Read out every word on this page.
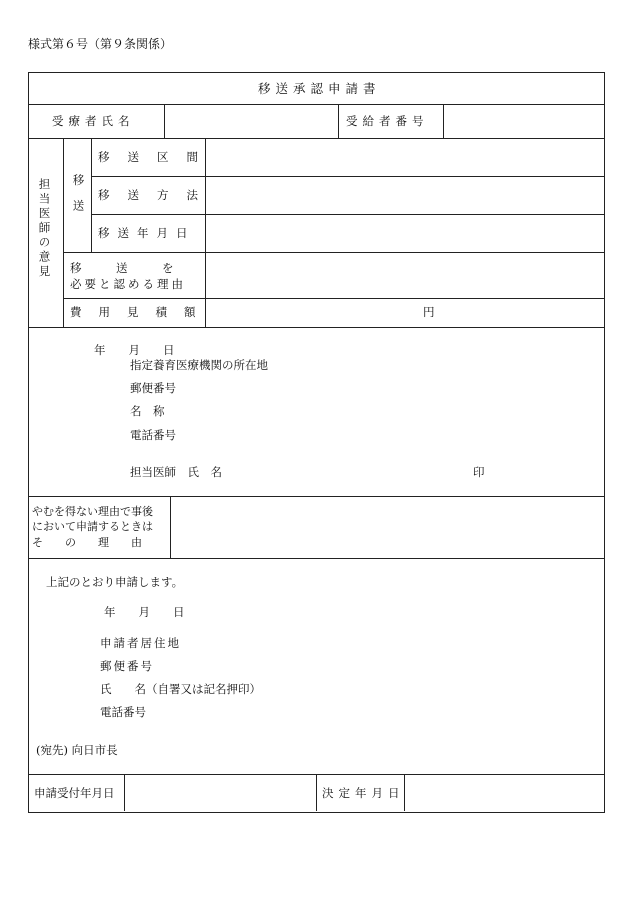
様式第６号（第９条関係）
移送承認申請書
受療者氏名	受給者番号
担当医師の意見 移送
移送区間
移送方法
移送年月日
移　　　送　　　を
必要と認める理由
費用見積額	円
年　　月　　日
指定養育医療機関の所在地
郵便番号
名　称
電話番号
担当医師　氏　名	印
やむを得ない理由で事後
において申請するときは
そ　　の　　理　　由
上記のとおり申請します。
年　　月　　日
申請者居住地
郵便番号
氏　　名（自署又は記名押印）
電話番号
(宛先) 向日市長
申請受付年月日	決定年月日
